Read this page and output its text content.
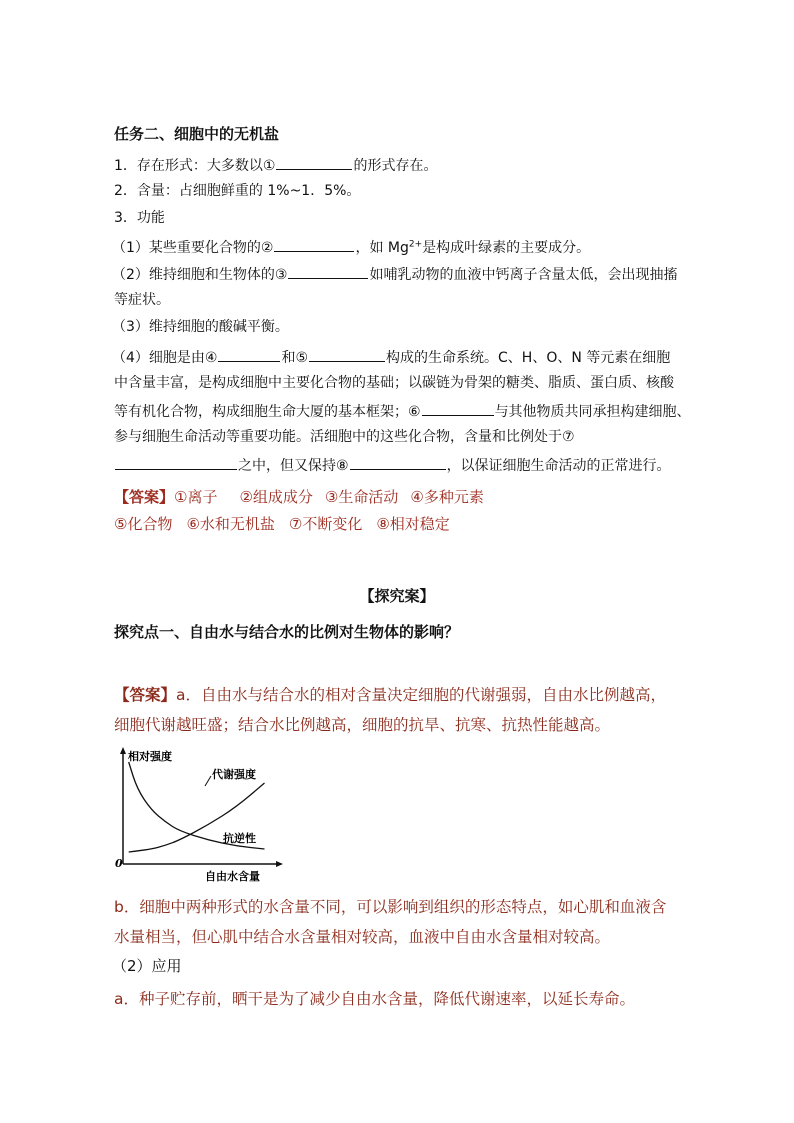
任务二、细胞中的无机盐
1．存在形式：大多数以①	的形式存在。
2．含量：占细胞鲜重的 1%~1．5%。
3．功能
（1）某些重要化合物的②	，如 $Mg^{2+}$是构成叶绿素的主要成分。
（2）维持细胞和生物体的③	如哺乳动物的血液中钙离子含量太低，会出现抽搐
等症状。
（3）维持细胞的酸碱平衡。
（4）细胞是由④	和⑤	构成的生命系统。C、H、O、N 等元素在细胞
中含量丰富，是构成细胞中主要化合物的基础；以碳链为骨架的糖类、脂质、蛋白质、核酸
等有机化合物，构成细胞生命大厦的基本框架；⑥	与其他物质共同承担构建细胞、
参与细胞生命活动等重要功能。活细胞中的这些化合物，含量和比例处于⑦
之中，但又保持⑧	，以保证细胞生命活动的正常进行。
【答案】①离子 ②组成成分 ③生命活动 ④多种元素
⑤化合物 ⑥水和无机盐 ⑦不断变化 ⑧相对稳定
【探究案】
探究点一、自由水与结合水的比例对生物体的影响？
【答案】a．自由水与结合水的相对含量决定细胞的代谢强弱，自由水比例越高，
细胞代谢越旺盛；结合水比例越高，细胞的抗旱、抗寒、抗热性能越高。
相对强度
自由水含量
0
代谢强度
抗逆性
b．细胞中两种形式的水含量不同，可以影响到组织的形态特点，如心肌和血液含
水量相当，但心肌中结合水含量相对较高，血液中自由水含量相对较高。
（2）应用
a．种子贮存前，晒干是为了减少自由水含量，降低代谢速率，以延长寿命。
